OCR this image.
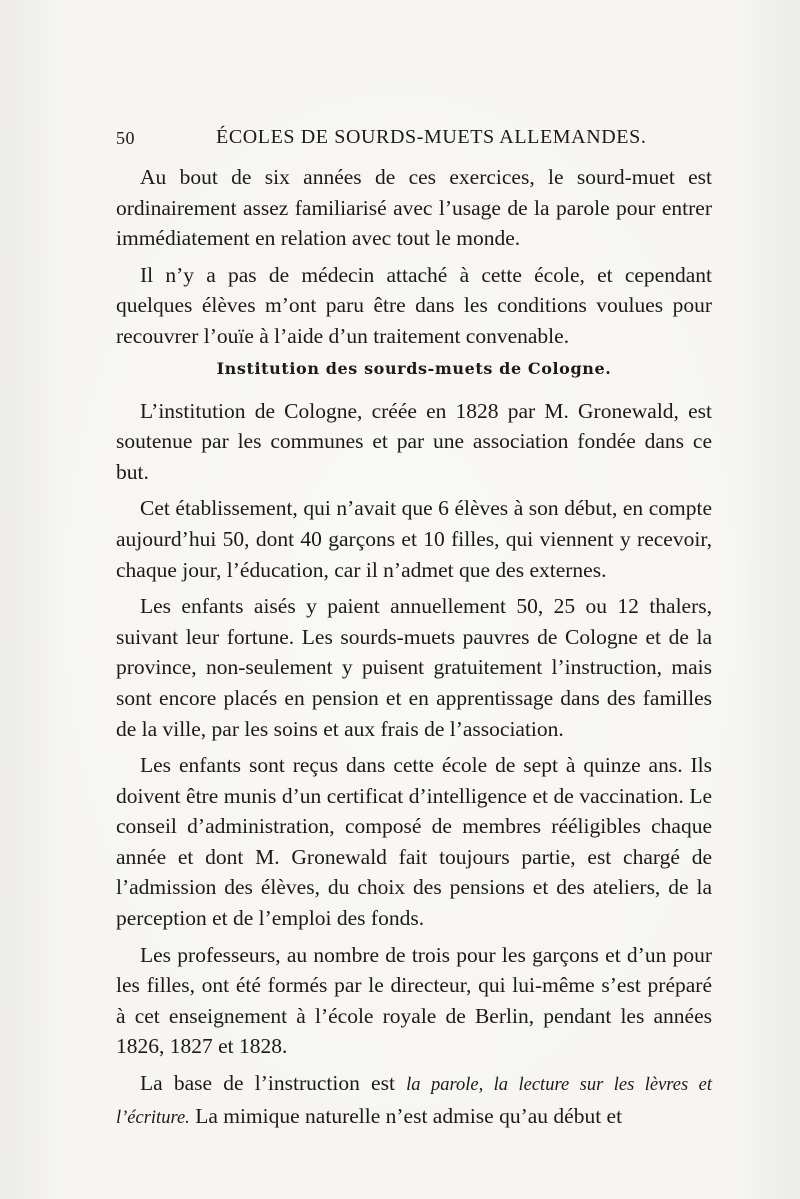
50	ÉCOLES DE SOURDS-MUETS ALLEMANDES.

Au bout de six années de ces exercices, le sourd-muet est ordinairement assez familiarisé avec l’usage de la parole pour entrer immédiatement en relation avec tout le monde.

Il n’y a pas de médecin attaché à cette école, et cependant quelques élèves m’ont paru être dans les conditions voulues pour recouvrer l’ouïe à l’aide d’un traitement convenable.

Institution des sourds-muets de Cologne.

L’institution de Cologne, créée en 1828 par M. Gronewald, est soutenue par les communes et par une association fondée dans ce but.

Cet établissement, qui n’avait que 6 élèves à son début, en compte aujourd’hui 50, dont 40 garçons et 10 filles, qui viennent y recevoir, chaque jour, l’éducation, car il n’admet que des externes.

Les enfants aisés y paient annuellement 50, 25 ou 12 thalers, suivant leur fortune. Les sourds-muets pauvres de Cologne et de la province, non-seulement y puisent gratuitement l’instruction, mais sont encore placés en pension et en apprentissage dans des familles de la ville, par les soins et aux frais de l’association.

Les enfants sont reçus dans cette école de sept à quinze ans. Ils doivent être munis d’un certificat d’intelligence et de vaccination. Le conseil d’administration, composé de membres rééligibles chaque année et dont M. Gronewald fait toujours partie, est chargé de l’admission des élèves, du choix des pensions et des ateliers, de la perception et de l’emploi des fonds.

Les professeurs, au nombre de trois pour les garçons et d’un pour les filles, ont été formés par le directeur, qui lui-même s’est préparé à cet enseignement à l’école royale de Berlin, pendant les années 1826, 1827 et 1828.

La base de l’instruction est la parole, la lecture sur les lèvres et l’écriture. La mimique naturelle n’est admise qu’au début et
